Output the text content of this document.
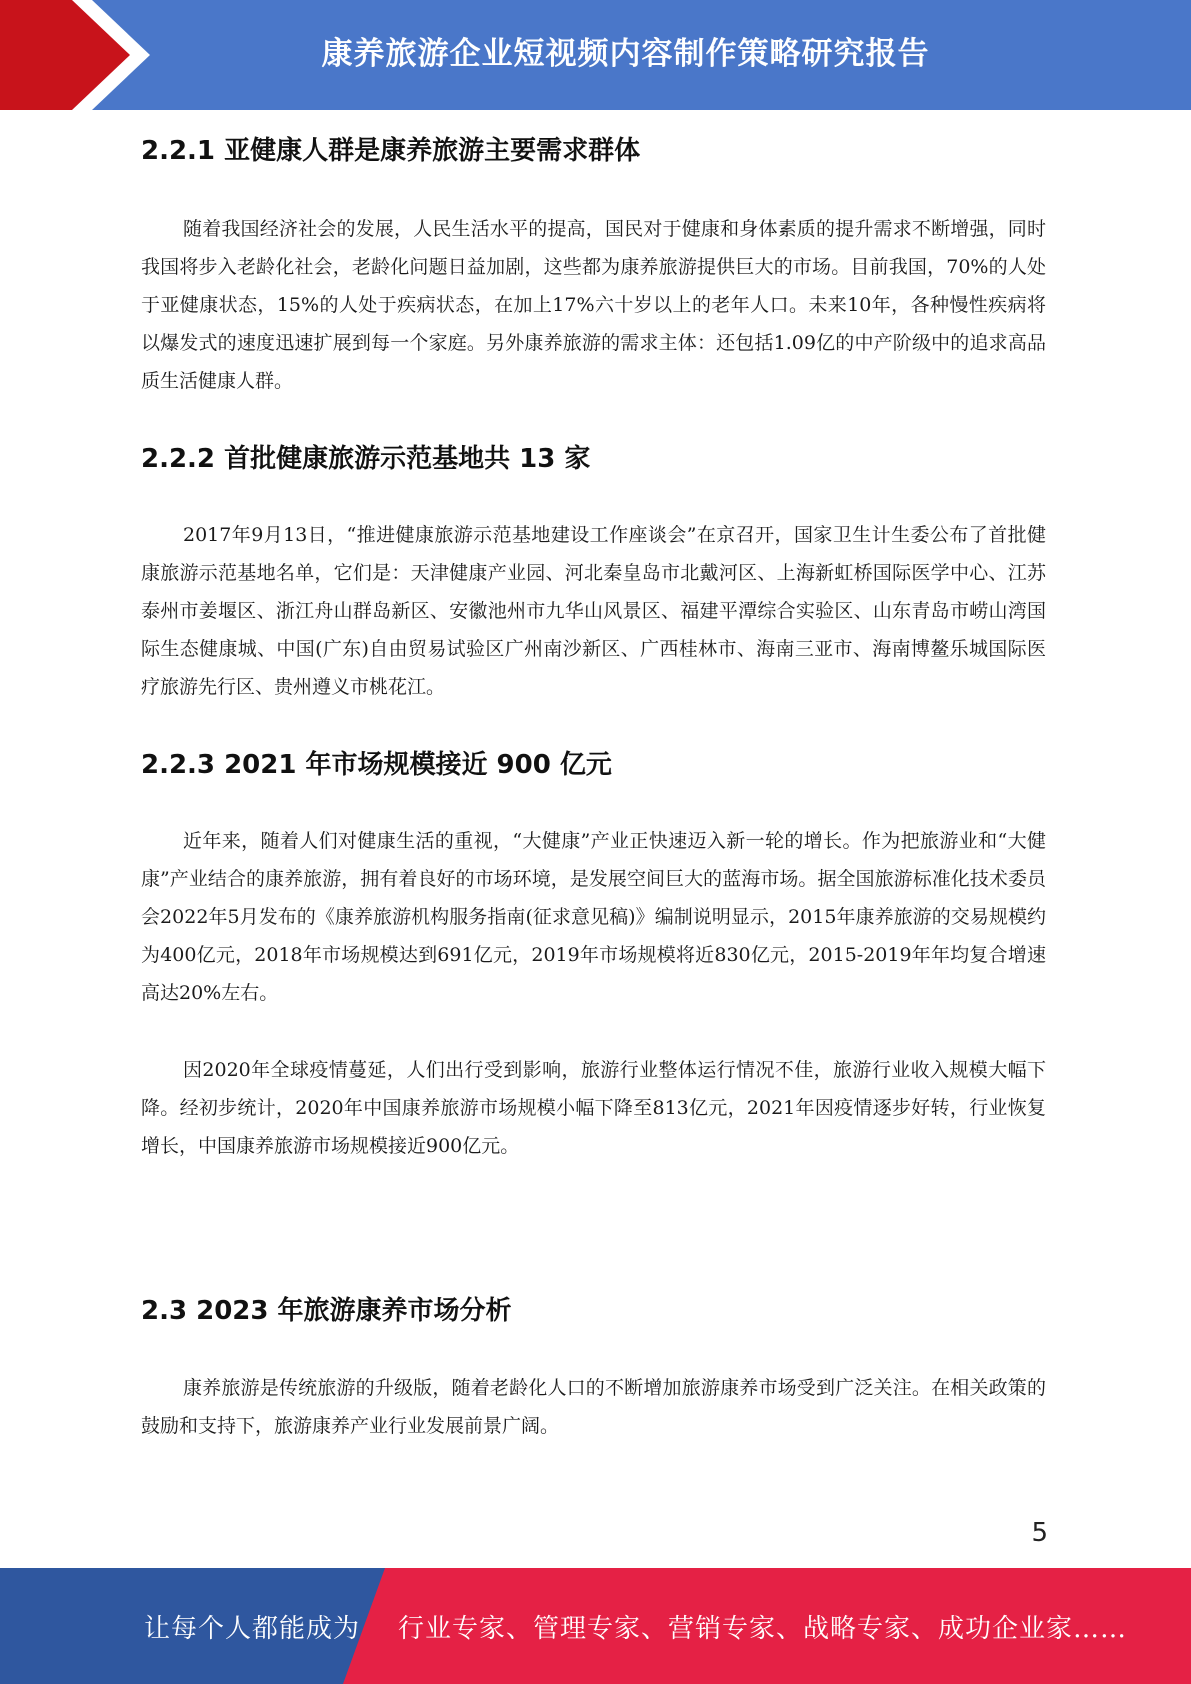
康养旅游企业短视频内容制作策略研究报告
2.2.1 亚健康人群是康养旅游主要需求群体

随着我国经济社会的发展，人民生活水平的提高，国民对于健康和身体素质的提升需求不断增强，同时我国将步入老龄化社会，老龄化问题日益加剧，这些都为康养旅游提供巨大的市场。目前我国，70%的人处于亚健康状态，15%的人处于疾病状态，在加上17%六十岁以上的老年人口。未来10年，各种慢性疾病将以爆发式的速度迅速扩展到每一个家庭。另外康养旅游的需求主体：还包括1.09亿的中产阶级中的追求高品质生活健康人群。

2.2.2 首批健康旅游示范基地共 13 家

2017年9月13日，“推进健康旅游示范基地建设工作座谈会”在京召开，国家卫生计生委公布了首批健康旅游示范基地名单，它们是：天津健康产业园、河北秦皇岛市北戴河区、上海新虹桥国际医学中心、江苏泰州市姜堰区、浙江舟山群岛新区、安徽池州市九华山风景区、福建平潭综合实验区、山东青岛市崂山湾国际生态健康城、中国(广东)自由贸易试验区广州南沙新区、广西桂林市、海南三亚市、海南博鳌乐城国际医疗旅游先行区、贵州遵义市桃花江。

2.2.3 2021 年市场规模接近 900 亿元

近年来，随着人们对健康生活的重视，“大健康”产业正快速迈入新一轮的增长。作为把旅游业和“大健康”产业结合的康养旅游，拥有着良好的市场环境，是发展空间巨大的蓝海市场。据全国旅游标准化技术委员会2022年5月发布的《康养旅游机构服务指南(征求意见稿)》编制说明显示，2015年康养旅游的交易规模约为400亿元，2018年市场规模达到691亿元，2019年市场规模将近830亿元，2015-2019年年均复合增速高达20%左右。

因2020年全球疫情蔓延，人们出行受到影响，旅游行业整体运行情况不佳，旅游行业收入规模大幅下降。经初步统计，2020年中国康养旅游市场规模小幅下降至813亿元，2021年因疫情逐步好转，行业恢复增长，中国康养旅游市场规模接近900亿元。

2.3 2023 年旅游康养市场分析

康养旅游是传统旅游的升级版，随着老龄化人口的不断增加旅游康养市场受到广泛关注。在相关政策的鼓励和支持下，旅游康养产业行业发展前景广阔。

5
让每个人都能成为 行业专家、管理专家、营销专家、战略专家、成功企业家……
